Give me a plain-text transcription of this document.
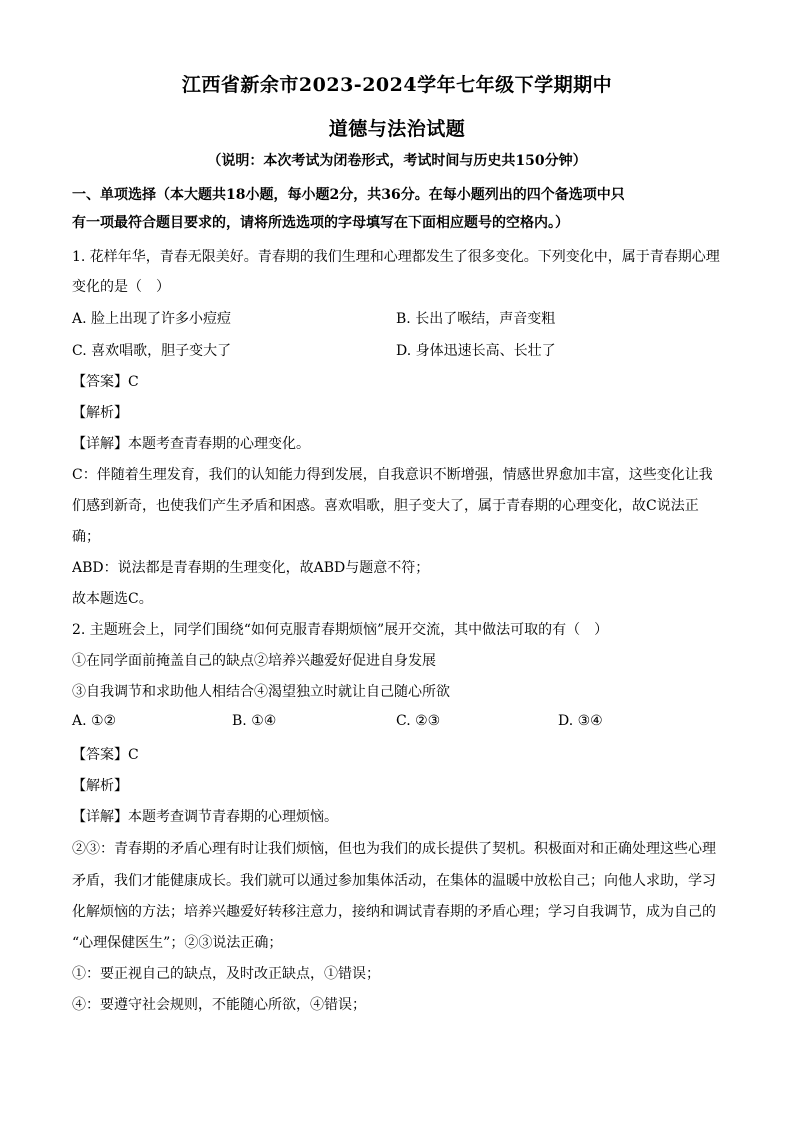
江西省新余市2023-2024学年七年级下学期期中
道德与法治试题
（说明：本次考试为闭卷形式，考试时间与历史共150分钟）
一、单项选择（本大题共18小题，每小题2分，共36分。在每小题列出的四个备选项中只
有一项最符合题目要求的，请将所选选项的字母填写在下面相应题号的空格内。）
1. 花样年华，青春无限美好。青春期的我们生理和心理都发生了很多变化。下列变化中，属于青春期心理
变化的是（　）
A. 脸上出现了许多小痘痘	B. 长出了喉结，声音变粗
C. 喜欢唱歌，胆子变大了	D. 身体迅速长高、长壮了
【答案】C
【解析】
【详解】本题考查青春期的心理变化。
C：伴随着生理发育，我们的认知能力得到发展，自我意识不断增强，情感世界愈加丰富，这些变化让我
们感到新奇，也使我们产生矛盾和困惑。喜欢唱歌，胆子变大了，属于青春期的心理变化，故C说法正
确；
ABD：说法都是青春期的生理变化，故ABD与题意不符；
故本题选C。
2. 主题班会上，同学们围绕“如何克服青春期烦恼”展开交流，其中做法可取的有（　）
①在同学面前掩盖自己的缺点②培养兴趣爱好促进自身发展
③自我调节和求助他人相结合④渴望独立时就让自己随心所欲
A. ①②	B. ①④	C. ②③	D. ③④
【答案】C
【解析】
【详解】本题考查调节青春期的心理烦恼。
②③：青春期的矛盾心理有时让我们烦恼，但也为我们的成长提供了契机。积极面对和正确处理这些心理
矛盾，我们才能健康成长。我们就可以通过参加集体活动，在集体的温暖中放松自己；向他人求助，学习
化解烦恼的方法；培养兴趣爱好转移注意力，接纳和调试青春期的矛盾心理；学习自我调节，成为自己的
“心理保健医生”；②③说法正确；
①：要正视自己的缺点，及时改正缺点，①错误；
④：要遵守社会规则，不能随心所欲，④错误；
